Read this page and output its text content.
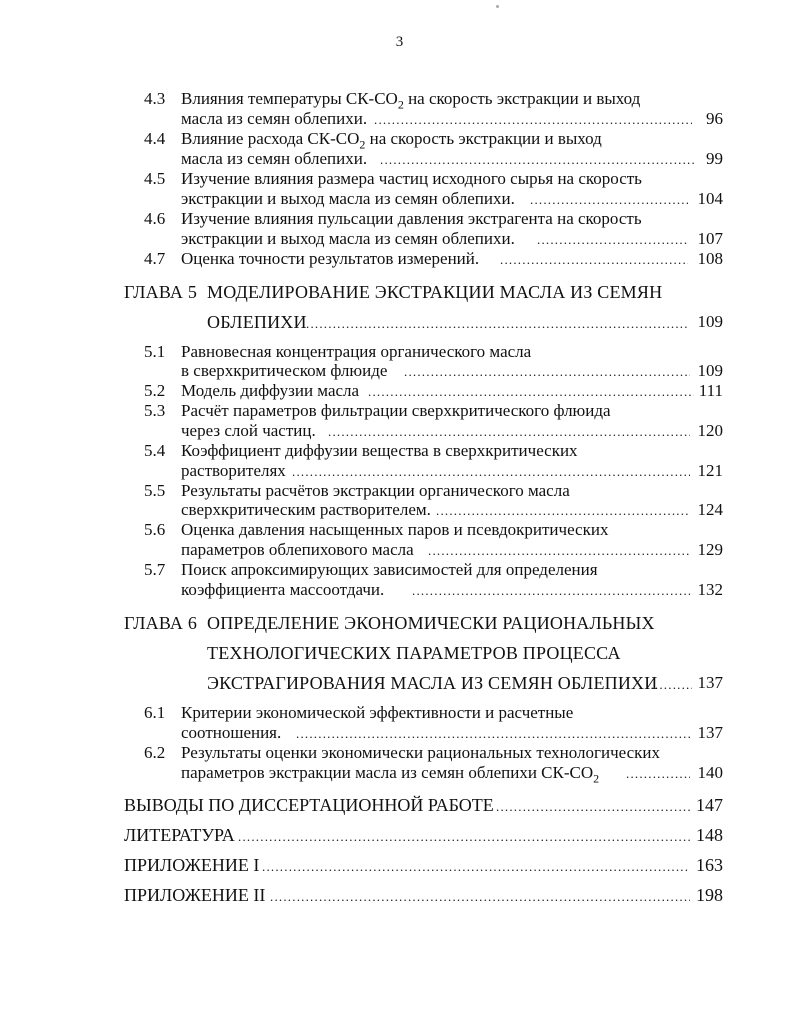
3
4.3 Влияния температуры $СК-СО_2$ на скорость экстракции и выход
масла из семян облепихи. .....	96
4.4 Влияние расхода $СК-СО_2$ на скорость экстракции и выход
масла из семян облепихи. .....	99
4.5 Изучение влияния размера частиц исходного сырья на скорость
экстракции и выход масла из семян облепихи. .....	104
4.6 Изучение влияния пульсации давления экстрагента на скорость
экстракции и выход масла из семян облепихи. .....	107
4.7 Оценка точности результатов измерений. .....	108
ГЛАВА 5 МОДЕЛИРОВАНИЕ ЭКСТРАКЦИИ МАСЛА ИЗ СЕМЯН
ОБЛЕПИХИ .....	109
5.1 Равновесная концентрация органического масла
в сверхкритическом флюиде .....	109
5.2 Модель диффузии масла .....	111
5.3 Расчёт параметров фильтрации сверхкритического флюида
через слой частиц. .....	120
5.4 Коэффициент диффузии вещества в сверхкритических
растворителях .....	121
5.5 Результаты расчётов экстракции органического масла
сверхкритическим растворителем. .....	124
5.6 Оценка давления насыщенных паров и псевдокритических
параметров облепихового масла .....	129
5.7 Поиск апроксимирующих зависимостей для определения
коэффициента массоотдачи. .....	132
ГЛАВА 6 ОПРЕДЕЛЕНИЕ ЭКОНОМИЧЕСКИ РАЦИОНАЛЬНЫХ
ТЕХНОЛОГИЧЕСКИХ ПАРАМЕТРОВ ПРОЦЕССА
ЭКСТРАГИРОВАНИЯ МАСЛА ИЗ СЕМЯН ОБЛЕПИХИ ..... 137
6.1 Критерии экономической эффективности и расчетные
соотношения. .....	137
6.2 Результаты оценки экономически рациональных технологических
параметров экстракции масла из семян облепихи $СК-СО_2$ .....	140
ВЫВОДЫ ПО ДИССЕРТАЦИОННОЙ РАБОТЕ .....	147
ЛИТЕРАТУРА .....	148
ПРИЛОЖЕНИЕ I .....	163
ПРИЛОЖЕНИЕ II .....	198
